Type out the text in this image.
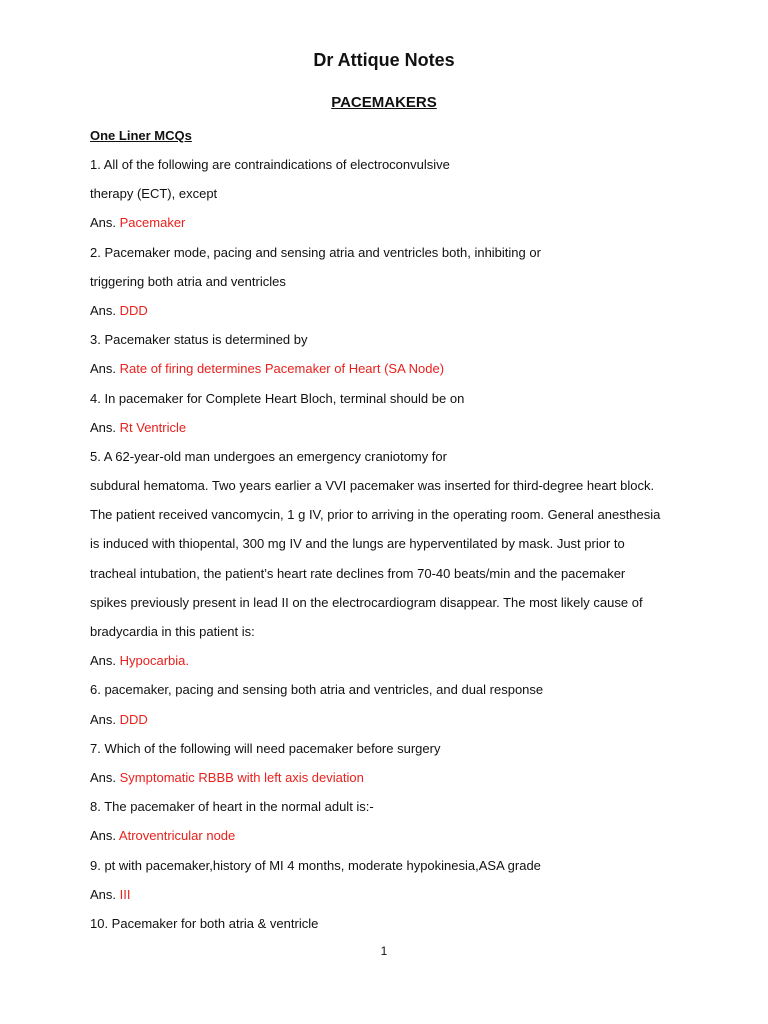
Dr Attique Notes
PACEMAKERS
One Liner MCQs
1. All of the following are contraindications of electroconvulsive
therapy (ECT), except
Ans. Pacemaker
2. Pacemaker mode, pacing and sensing atria and ventricles both, inhibiting or
triggering both atria and ventricles
Ans. DDD
3. Pacemaker status is determined by
Ans. Rate of firing determines Pacemaker of Heart (SA Node)
4. In pacemaker for Complete Heart Bloch, terminal should be on
Ans. Rt Ventricle
5. A 62-year-old man undergoes an emergency craniotomy for
subdural hematoma. Two years earlier a VVI pacemaker was inserted for third-degree heart block.
The patient received vancomycin, 1 g IV, prior to arriving in the operating room. General anesthesia
is induced with thiopental, 300 mg IV and the lungs are hyperventilated by mask. Just prior to
tracheal intubation, the patient’s heart rate declines from 70-40 beats/min and the pacemaker
spikes previously present in lead II on the electrocardiogram disappear. The most likely cause of
bradycardia in this patient is:
Ans. Hypocarbia.
6. pacemaker, pacing and sensing both atria and ventricles, and dual response
Ans. DDD
7. Which of the following will need pacemaker before surgery
Ans. Symptomatic RBBB with left axis deviation
8. The pacemaker of heart in the normal adult is:-
Ans. Atroventricular node
9. pt with pacemaker,history of MI 4 months, moderate hypokinesia,ASA grade
Ans. III
10. Pacemaker for both atria & ventricle
1
